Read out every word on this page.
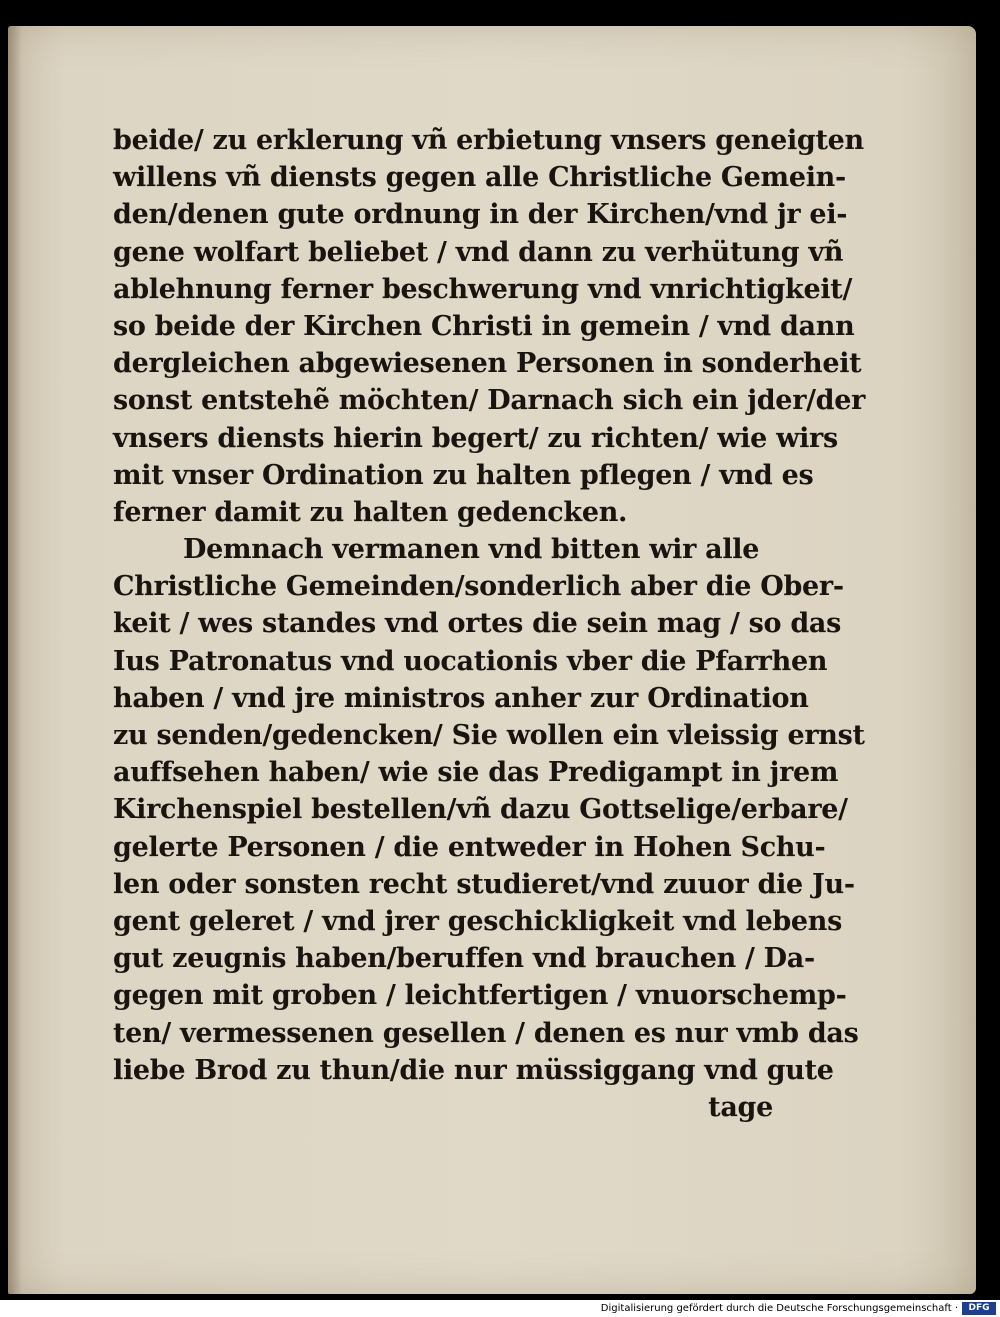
beide/ zu erklerung vñ erbietung vnsers geneigten
willens vñ diensts gegen alle Christliche Gemein-
den/denen gute ordnung in der Kirchen/vnd jr ei-
gene wolfart beliebet / vnd dann zu verhütung vñ
ablehnung ferner beschwerung vnd vnrichtigkeit/
so beide der Kirchen Christi in gemein / vnd dann
dergleichen abgewiesenen Personen in sonderheit
sonst entstehẽ möchten/ Darnach sich ein jder/der
vnsers diensts hierin begert/ zu richten/ wie wirs
mit vnser Ordination zu halten pflegen / vnd es
ferner damit zu halten gedencken.
Demnach vermanen vnd bitten wir alle
Christliche Gemeinden/sonderlich aber die Ober-
keit / wes standes vnd ortes die sein mag / so das
Ius Patronatus vnd uocationis vber die Pfarrhen
haben / vnd jre ministros anher zur Ordination
zu senden/gedencken/ Sie wollen ein vleissig ernst
auffsehen haben/ wie sie das Predigampt in jrem
Kirchenspiel bestellen/vñ dazu Gottselige/erbare/
gelerte Personen / die entweder in Hohen Schu-
len oder sonsten recht studieret/vnd zuuor die Ju-
gent geleret / vnd jrer geschickligkeit vnd lebens
gut zeugnis haben/beruffen vnd brauchen / Da-
gegen mit groben / leichtfertigen / vnuorschemp-
ten/ vermessenen gesellen / denen es nur vmb das
liebe Brod zu thun/die nur müssiggang vnd gute
tage
Digitalisierung gefördert durch die Deutsche Forschungsgemeinschaft ·	DFG
